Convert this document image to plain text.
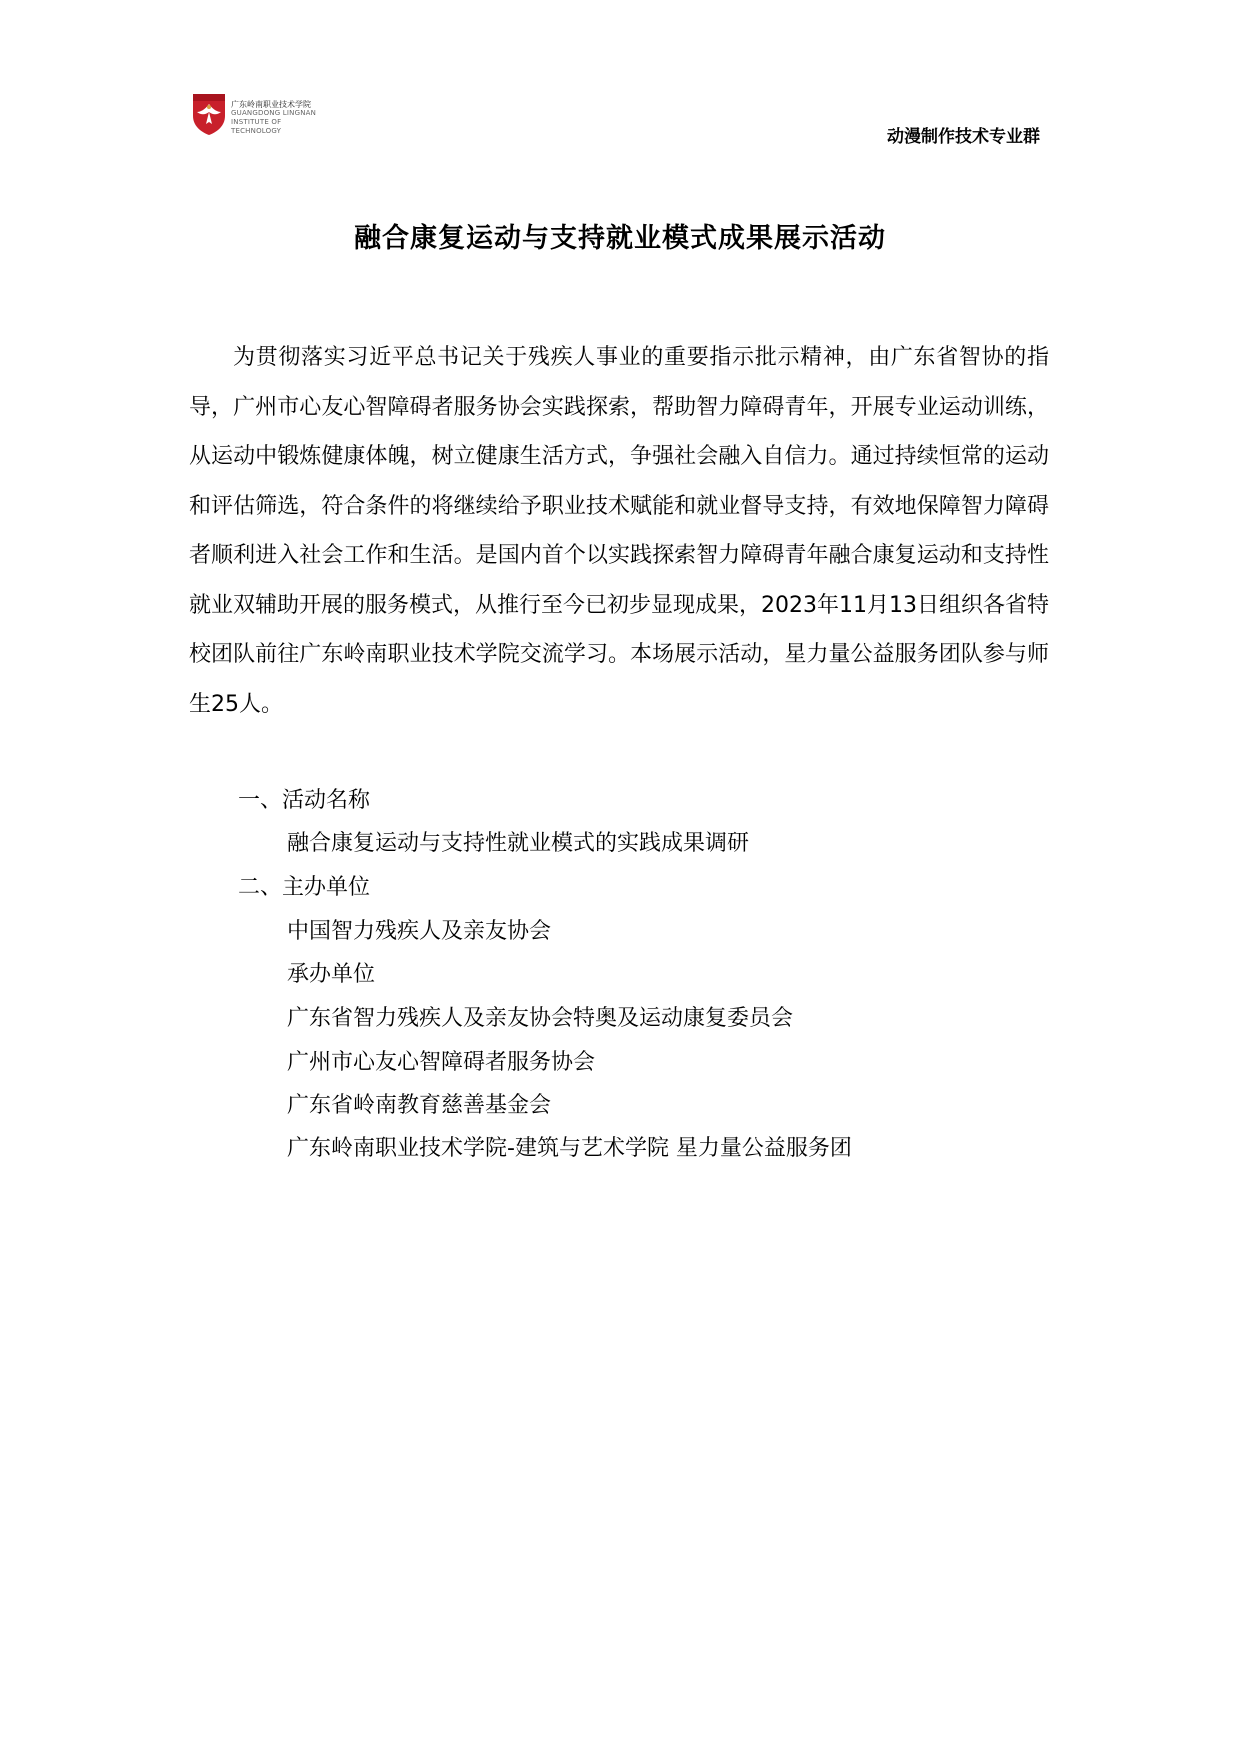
广东岭南职业技术学院
GUANGDONG LINGNAN INSTITUTE OF TECHNOLOGY	动漫制作技术专业群
融合康复运动与支持就业模式成果展示活动

为贯彻落实习近平总书记关于残疾人事业的重要指示批示精神，由广东省智协的指导，广州市心友心智障碍者服务协会实践探索，帮助智力障碍青年，开展专业运动训练，从运动中锻炼健康体魄，树立健康生活方式，争强社会融入自信力。通过持续恒常的运动和评估筛选，符合条件的将继续给予职业技术赋能和就业督导支持，有效地保障智力障碍者顺利进入社会工作和生活。是国内首个以实践探索智力障碍青年融合康复运动和支持性就业双辅助开展的服务模式，从推行至今已初步显现成果，2023年11月13日组织各省特校团队前往广东岭南职业技术学院交流学习。本场展示活动，星力量公益服务团队参与师生25人。

一、活动名称
融合康复运动与支持性就业模式的实践成果调研
二、主办单位
中国智力残疾人及亲友协会
承办单位
广东省智力残疾人及亲友协会特奥及运动康复委员会
广州市心友心智障碍者服务协会
广东省岭南教育慈善基金会
广东岭南职业技术学院-建筑与艺术学院 星力量公益服务团
